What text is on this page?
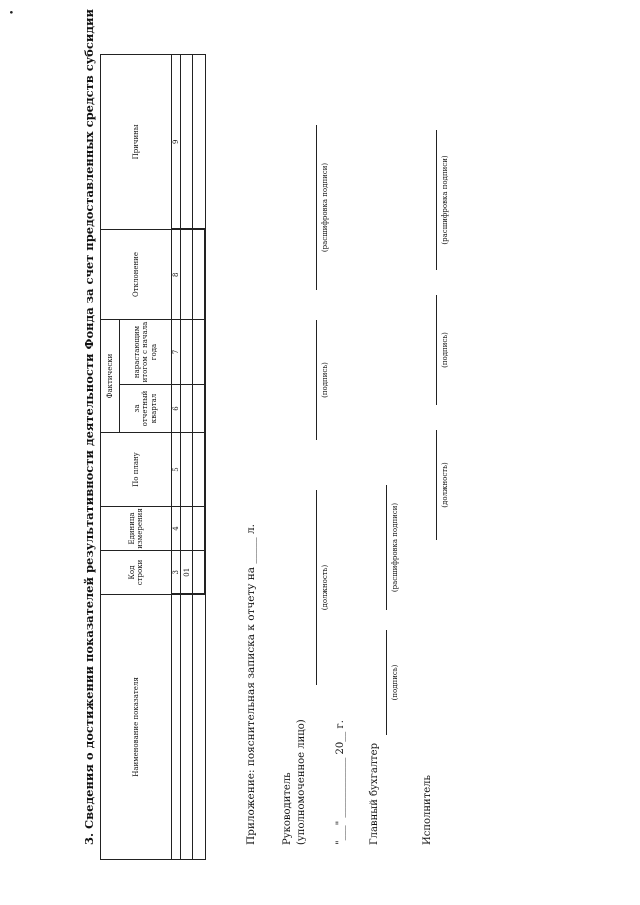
3. Сведения о достижении показателей результативности деятельности Фонда за счет предоставленных средств субсидии	Наименование показателя	Код строки	Единица измерения	По плану	Фактически		Отклонение	Причины
				за отчетный квартал	нарастающим итогом с начала года		
	3	4	5	6	7	8	9
	01						
								Приложение: пояснительная записка к отчету на _____ л.	Руководитель (уполномоченное лицо)
(должность)
(подпись)
(расшифровка подписи)
"___" ____________ 20__ г. Главный бухгалтер
(подпись)
(расшифровка подписи)
Исполнитель
(должность)
(подпись)
(расшифровка подписи)
•
